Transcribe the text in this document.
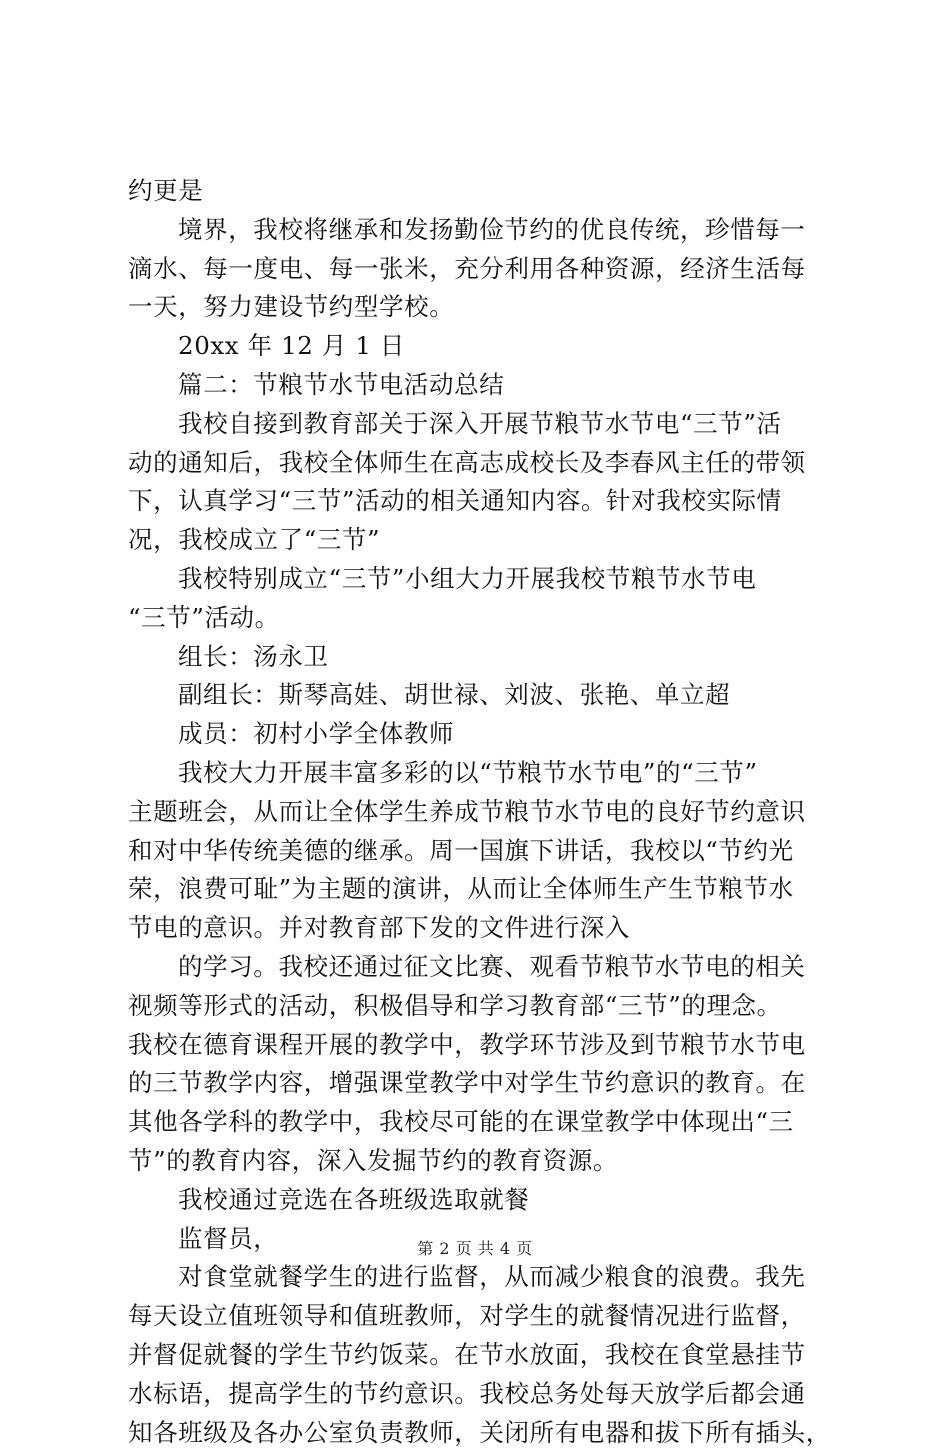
约更是
境界，我校将继承和发扬勤俭节约的优良传统，珍惜每一
滴水、每一度电、每一张米，充分利用各种资源，经济生活每
一天，努力建设节约型学校。
20xx 年 12 月 1 日
篇二：节粮节水节电活动总结
我校自接到教育部关于深入开展节粮节水节电“三节”活
动的通知后，我校全体师生在高志成校长及李春风主任的带领
下，认真学习“三节”活动的相关通知内容。针对我校实际情
况，我校成立了“三节”
我校特别成立“三节”小组大力开展我校节粮节水节电
“三节”活动。
组长：汤永卫
副组长：斯琴高娃、胡世禄、刘波、张艳、单立超
成员：初村小学全体教师
我校大力开展丰富多彩的以“节粮节水节电”的“三节”
主题班会，从而让全体学生养成节粮节水节电的良好节约意识
和对中华传统美德的继承。周一国旗下讲话，我校以“节约光
荣，浪费可耻”为主题的演讲，从而让全体师生产生节粮节水
节电的意识。并对教育部下发的文件进行深入
的学习。我校还通过征文比赛、观看节粮节水节电的相关
视频等形式的活动，积极倡导和学习教育部“三节”的理念。
我校在德育课程开展的教学中，教学环节涉及到节粮节水节电
的三节教学内容，增强课堂教学中对学生节约意识的教育。在
其他各学科的教学中，我校尽可能的在课堂教学中体现出“三
节”的教育内容，深入发掘节约的教育资源。
我校通过竞选在各班级选取就餐
监督员，
对食堂就餐学生的进行监督，从而减少粮食的浪费。我先
每天设立值班领导和值班教师，对学生的就餐情况进行监督，
并督促就餐的学生节约饭菜。在节水放面，我校在食堂悬挂节
水标语，提高学生的节约意识。我校总务处每天放学后都会通
知各班级及各办公室负责教师，关闭所有电器和拔下所有插头，
第 2 页 共 4 页
